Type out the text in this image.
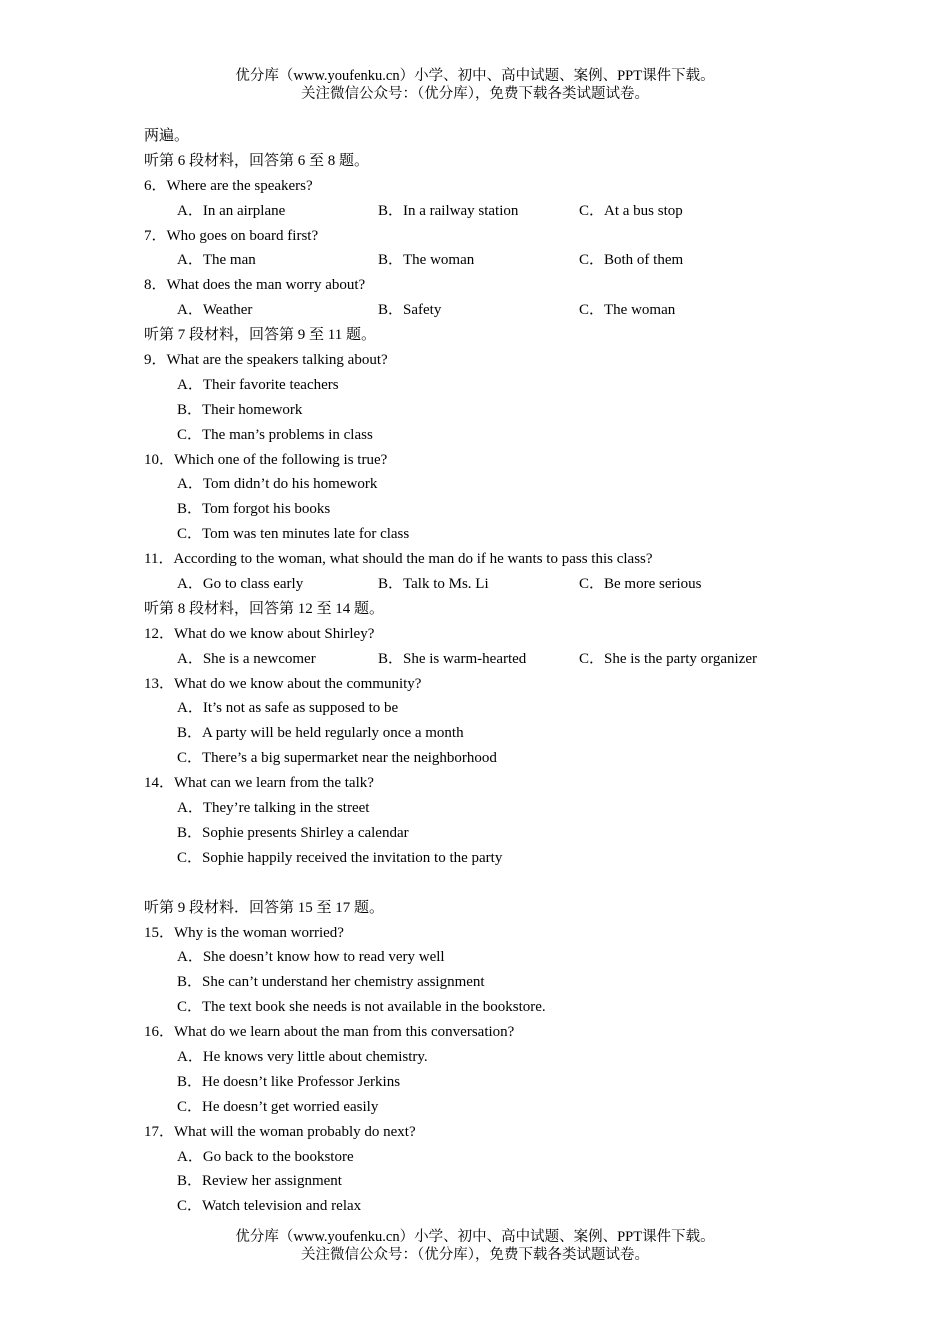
优分库（www.youfenku.cn）小学、初中、高中试题、案例、PPT课件下载。
关注微信公众号：（优分库），免费下载各类试题试卷。
两遍。
听第 6 段材料，回答第 6 至 8 题。
6．Where are the speakers?
A．In an airplane	B．In a railway station	C．At a bus stop
7．Who goes on board first?
A．The man	B．The woman	C．Both of them
8．What does the man worry about?
A．Weather	B．Safety	C．The woman
听第 7 段材料，回答第 9 至 11 题。
9．What are the speakers talking about?
A．Their favorite teachers
B．Their homework
C．The man’s problems in class
10．Which one of the following is true?
A．Tom didn’t do his homework
B．Tom forgot his books
C．Tom was ten minutes late for class
11．According to the woman, what should the man do if he wants to pass this class?
A．Go to class early	B．Talk to Ms. Li	C．Be more serious
听第 8 段材料，回答第 12 至 14 题。
12．What do we know about Shirley?
A．She is a newcomer	B．She is warm-hearted	C．She is the party organizer
13．What do we know about the community?
A．It’s not as safe as supposed to be
B．A party will be held regularly once a month
C．There’s a big supermarket near the neighborhood
14．What can we learn from the talk?
A．They’re talking in the street
B．Sophie presents Shirley a calendar
C．Sophie happily received the invitation to the party
听第 9 段材料．回答第 15 至 17 题。
15．Why is the woman worried?
A．She doesn’t know how to read very well
B．She can’t understand her chemistry assignment
C．The text book she needs is not available in the bookstore.
16．What do we learn about the man from this conversation?
A．He knows very little about chemistry.
B．He doesn’t like Professor Jerkins
C．He doesn’t get worried easily
17．What will the woman probably do next?
A．Go back to the bookstore
B．Review her assignment
C．Watch television and relax
优分库（www.youfenku.cn）小学、初中、高中试题、案例、PPT课件下载。
关注微信公众号：（优分库），免费下载各类试题试卷。
